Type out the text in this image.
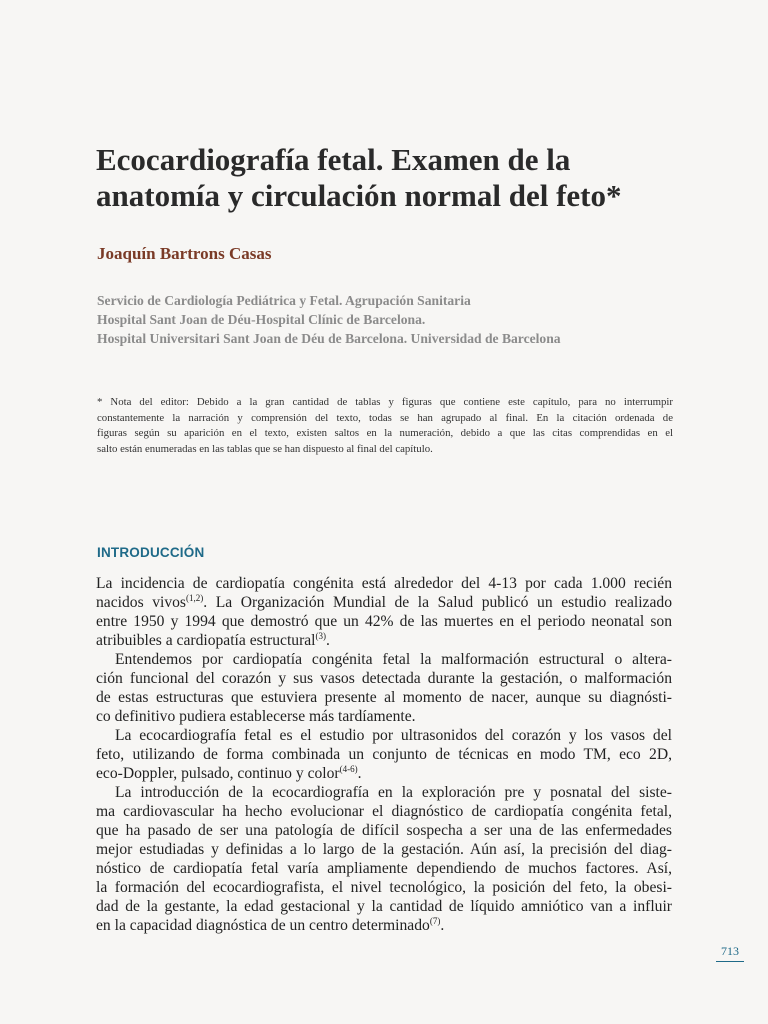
Ecocardiografía fetal. Examen de la
anatomía y circulación normal del feto*
Joaquín Bartrons Casas
Servicio de Cardiología Pediátrica y Fetal. Agrupación Sanitaria
Hospital Sant Joan de Déu-Hospital Clínic de Barcelona.
Hospital Universitari Sant Joan de Déu de Barcelona. Universidad de Barcelona
* Nota del editor: Debido a la gran cantidad de tablas y figuras que contiene este capítulo, para no interrumpir
constantemente la narración y comprensión del texto, todas se han agrupado al final. En la citación ordenada de
figuras según su aparición en el texto, existen saltos en la numeración, debido a que las citas comprendidas en el
salto están enumeradas en las tablas que se han dispuesto al final del capítulo.
INTRODUCCIÓN
La incidencia de cardiopatía congénita está alrededor del 4-13 por cada 1.000 recién
nacidos vivos$^{(1,2)}$. La Organización Mundial de la Salud publicó un estudio realizado
entre 1950 y 1994 que demostró que un 42% de las muertes en el periodo neonatal son
atribuibles a cardiopatía estructural$^{(3)}$.
Entendemos por cardiopatía congénita fetal la malformación estructural o altera-
ción funcional del corazón y sus vasos detectada durante la gestación, o malformación
de estas estructuras que estuviera presente al momento de nacer, aunque su diagnósti-
co definitivo pudiera establecerse más tardíamente.
La ecocardiografía fetal es el estudio por ultrasonidos del corazón y los vasos del
feto, utilizando de forma combinada un conjunto de técnicas en modo TM, eco 2D,
eco-Doppler, pulsado, continuo y color$^{(4-6)}$.
La introducción de la ecocardiografía en la exploración pre y posnatal del siste-
ma cardiovascular ha hecho evolucionar el diagnóstico de cardiopatía congénita fetal,
que ha pasado de ser una patología de difícil sospecha a ser una de las enfermedades
mejor estudiadas y definidas a lo largo de la gestación. Aún así, la precisión del diag-
nóstico de cardiopatía fetal varía ampliamente dependiendo de muchos factores. Así,
la formación del ecocardiografista, el nivel tecnológico, la posición del feto, la obesi-
dad de la gestante, la edad gestacional y la cantidad de líquido amniótico van a influir
en la capacidad diagnóstica de un centro determinado$^{(7)}$.
713
